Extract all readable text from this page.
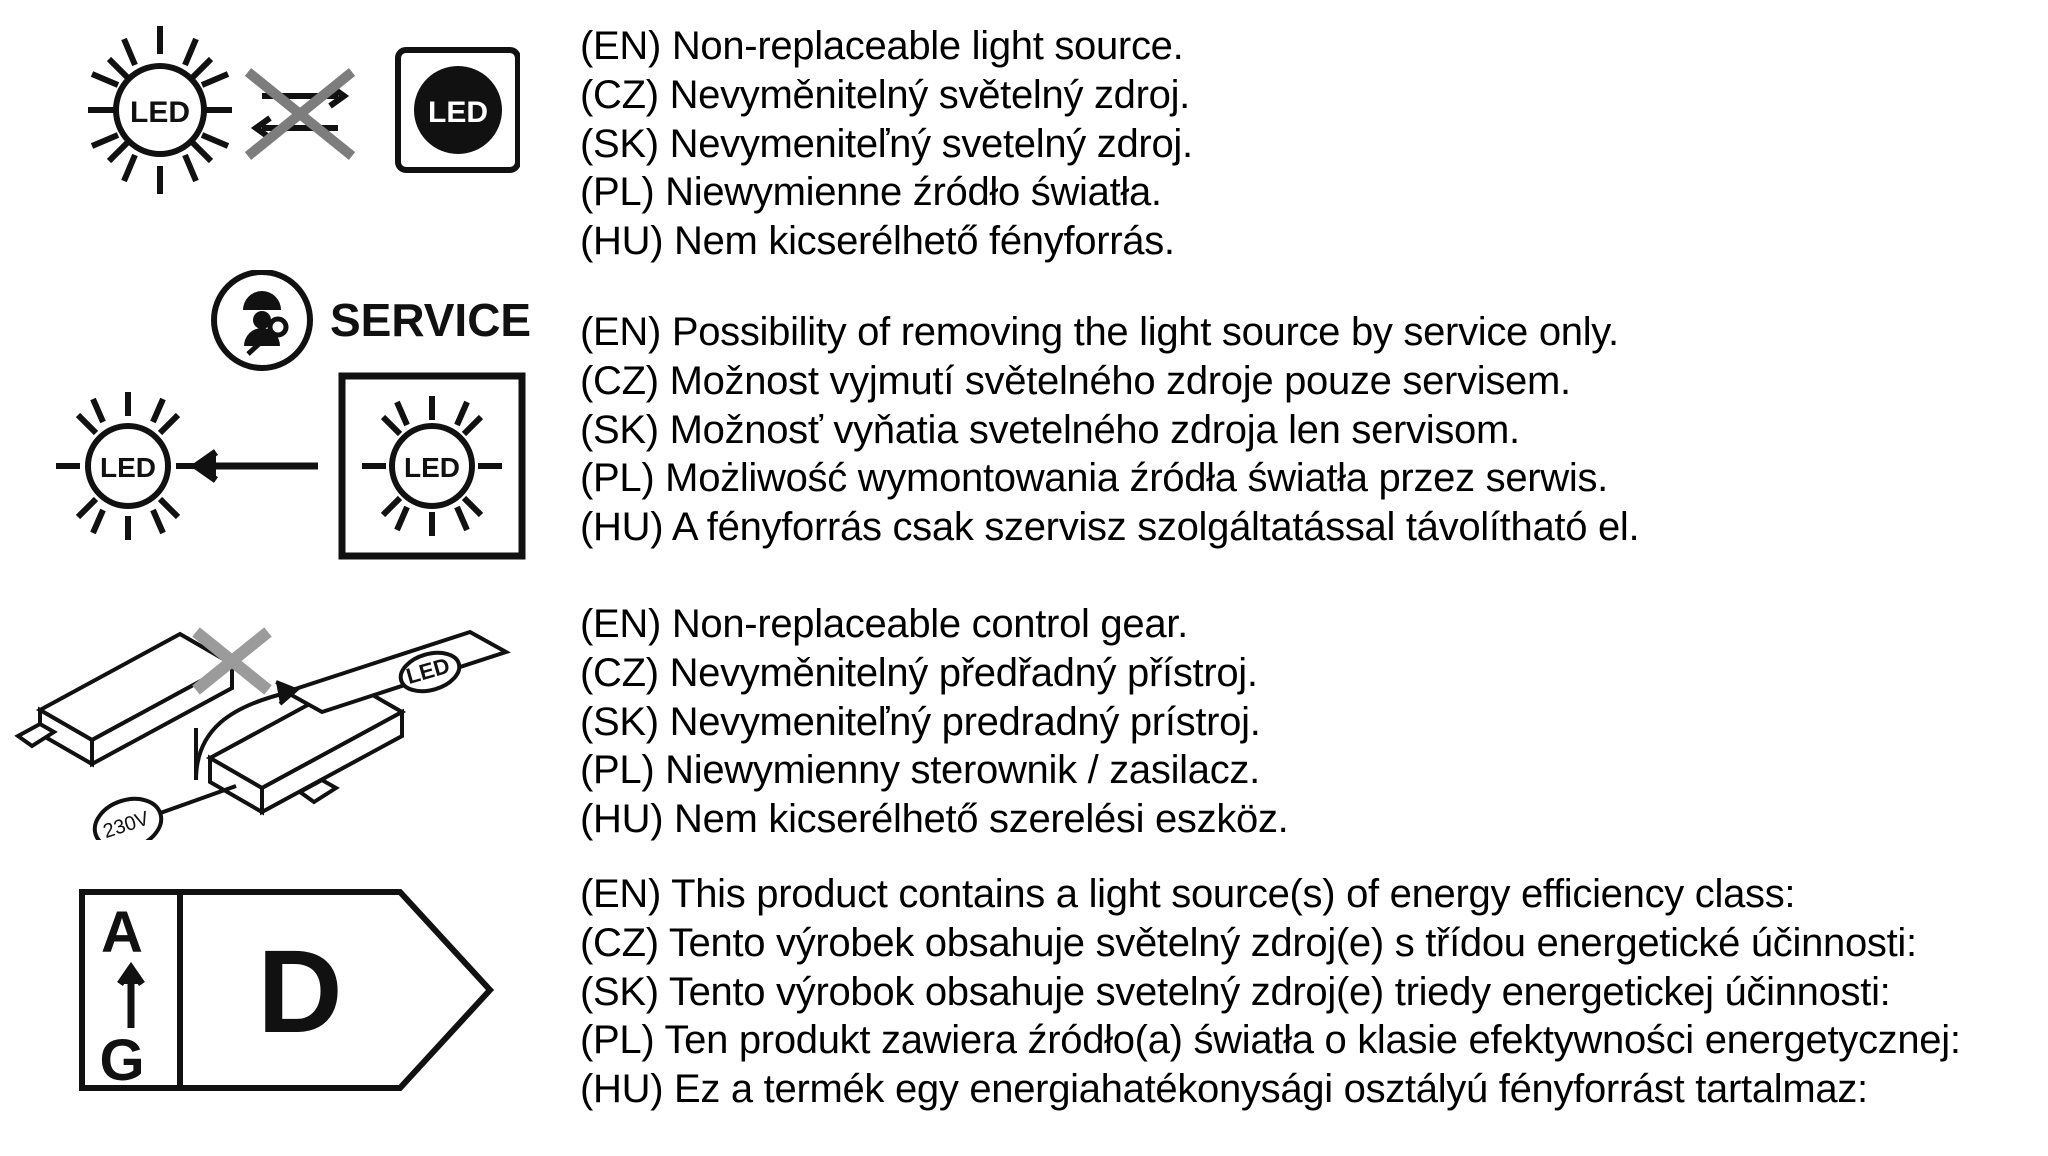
LED	LED
(EN) Non-replaceable light source.
(CZ) Nevyměnitelný světelný zdroj.
(SK) Nevymeniteľný svetelný zdroj.
(PL) Niewymienne źródło światła.
(HU) Nem kicserélhető fényforrás.
SERVICE
LED
LED
(EN) Possibility of removing the light source by service only.
(CZ) Možnost vyjmutí světelného zdroje pouze servisem.
(SK) Možnosť vyňatia svetelného zdroja len servisom.
(PL) Możliwość wymontowania źródła światła przez serwis.
(HU) A fényforrás csak szervisz szolgáltatással távolítható el.
LED
230V
(EN) Non-replaceable control gear.
(CZ) Nevyměnitelný předřadný přístroj.
(SK) Nevymeniteľný predradný prístroj.
(PL) Niewymienny sterownik / zasilacz.
(HU) Nem kicserélhető szerelési eszköz.
A
G
D
(EN) This product contains a light source(s) of energy efficiency class:
(CZ) Tento výrobek obsahuje světelný zdroj(e) s třídou energetické účinnosti:
(SK) Tento výrobok obsahuje svetelný zdroj(e) triedy energetickej účinnosti:
(PL) Ten produkt zawiera źródło(a) światła o klasie efektywności energetycznej:
(HU) Ez a termék egy energiahatékonysági osztályú fényforrást tartalmaz:
